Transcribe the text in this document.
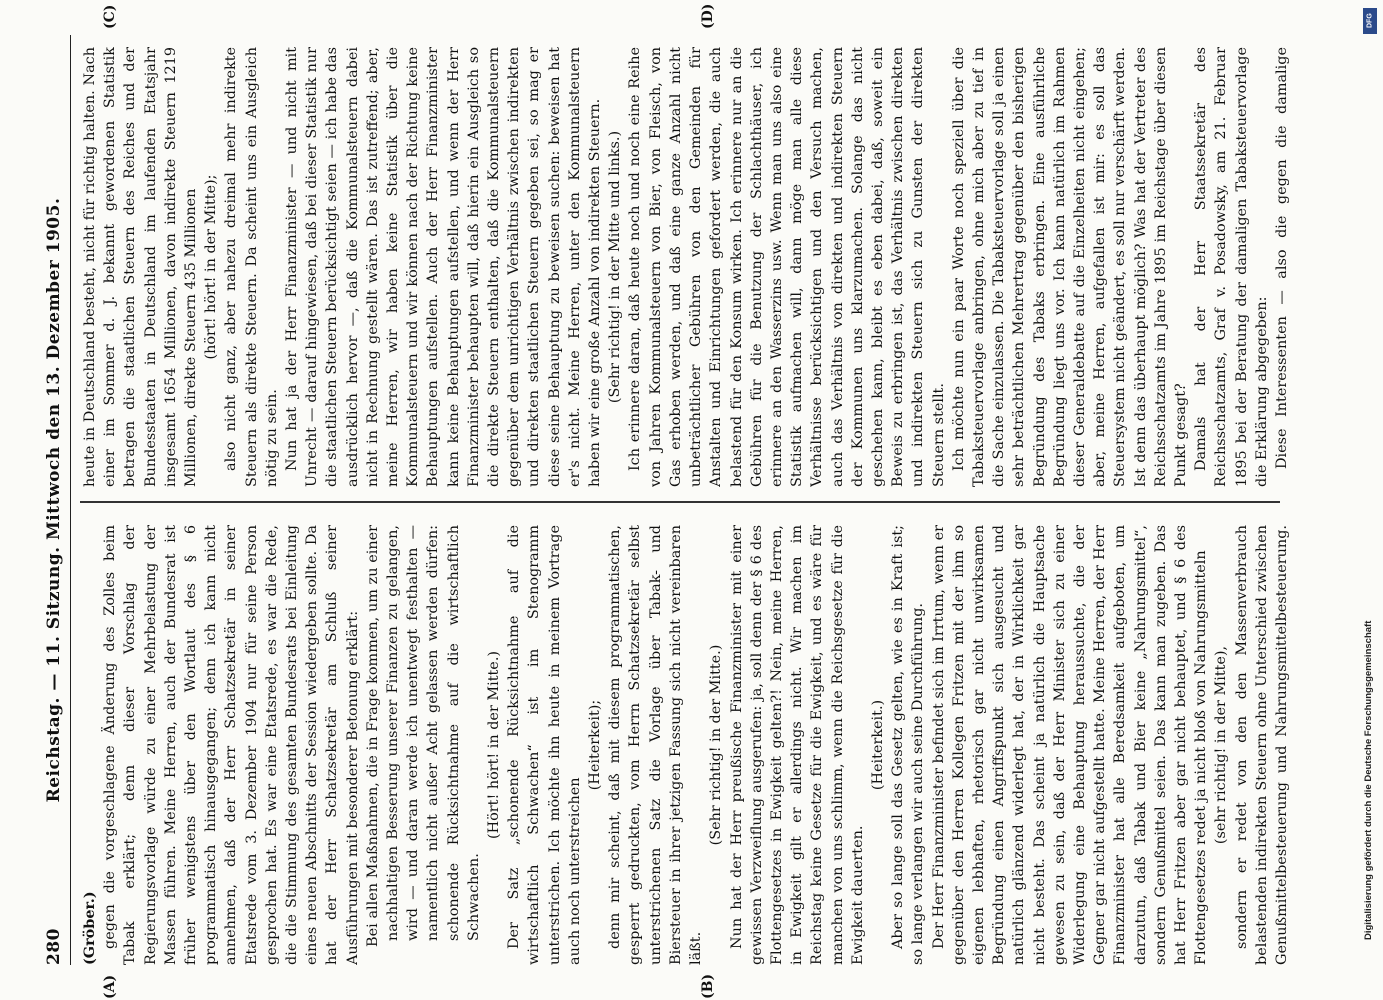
280
Reichstag. — 11. Sitzung. Mittwoch den 13. Dezember 1905.
(A)	(B)
(C)	(D)

(Gröber.) gegen die vorgeschlagene Änderung des Zolles beim Tabak erklärt; denn dieser Vorschlag der Regierungsvorlage würde zu einer Mehrbelastung der Massen führen. Meine Herren, auch der Bundesrat ist früher wenigstens über den Wortlaut des § 6 programmatisch hinausgegangen; denn ich kann nicht annehmen, daß der Herr Schatzsekretär in seiner Etatsrede vom 3. Dezember 1904 nur für seine Person gesprochen hat. Es war eine Etatsrede, es war die Rede, die die Stimmung des gesamten Bundesrats bei Einleitung eines neuen Abschnitts der Session wiedergeben sollte. Da hat der Herr Schatzsekretär am Schluß seiner Ausführungen mit besonderer Betonung erklärt: Bei allen Maßnahmen, die in Frage kommen, um zu einer nachhaltigen Besserung unserer Finanzen zu gelangen, wird — und daran werde ich unentwegt festhalten — namentlich nicht außer Acht gelassen werden dürfen: schonende Rücksichtnahme auf die wirtschaftlich Schwachen.

(Hört! hört! in der Mitte.) Der Satz „schonende Rücksichtnahme auf die wirtschaftlich Schwachen“ ist im Stenogramm unterstrichen. Ich möchte ihn heute in meinem Vortrage auch noch unterstreichen

(Heiterkeit); denn mir scheint, daß mit diesem programmatischen, gesperrt gedruckten, vom Herrn Schatzsekretär selbst unterstrichenen Satz die Vorlage über Tabak- und Biersteuer in ihrer jetzigen Fassung sich nicht vereinbaren läßt.

(Sehr richtig! in der Mitte.) Nun hat der Herr preußische Finanzminister mit einer gewissen Verzweiflung ausgerufen: ja, soll denn der § 6 des Flottengesetzes in Ewigkeit gelten?! Nein, meine Herren, in Ewigkeit gilt er allerdings nicht. Wir machen im Reichstag keine Gesetze für die Ewigkeit, und es wäre für manchen von uns schlimm, wenn die Reichsgesetze für die Ewigkeit dauerten.

(Heiterkeit.) Aber so lange soll das Gesetz gelten, wie es in Kraft ist; so lange verlangen wir auch seine Durchführung. Der Herr Finanzminister befindet sich im Irrtum, wenn er gegenüber den Herren Kollegen Fritzen mit der ihm so eigenen lebhaften, rhetorisch gar nicht unwirksamen Begründung einen Angriffspunkt sich ausgesucht und natürlich glänzend widerlegt hat, der in Wirklichkeit gar nicht besteht. Das scheint ja natürlich die Hauptsache gewesen zu sein, daß der Herr Minister sich zu einer Widerlegung eine Behauptung heraussuchte, die der Gegner gar nicht aufgestellt hatte. Meine Herren, der Herr Finanzminister hat alle Beredsamkeit aufgeboten, um darzutun, daß Tabak und Bier keine „Nahrungsmittel“, sondern Genußmittel seien. Das kann man zugeben. Das hat Herr Fritzen aber gar nicht behauptet, und § 6 des Flottengesetzes redet ja nicht bloß von Nahrungsmitteln (sehr richtig! in der Mitte),

sondern er redet von den den Massenverbrauch belastenden indirekten Steuern ohne Unterschied zwischen Genußmittelbesteuerung und Nahrungsmittelbesteuerung.

heute in Deutschland besteht, nicht für richtig halten. Nach einer im Sommer d. J. bekannt gewordenen Statistik betragen die staatlichen Steuern des Reiches und der Bundesstaaten in Deutschland im laufenden Etatsjahr insgesamt 1654 Millionen, davon indirekte Steuern 1219 Millionen, direkte Steuern 435 Millionen (hört! hört! in der Mitte); also nicht ganz, aber nahezu dreimal mehr indirekte Steuern als direkte Steuern. Da scheint uns ein Ausgleich nötig zu sein. Nun hat ja der Herr Finanzminister — und nicht mit Unrecht — darauf hingewiesen, daß bei dieser Statistik nur die staatlichen Steuern berücksichtigt seien — ich habe das ausdrücklich hervor —, daß die Kommunalsteuern dabei nicht in Rechnung gestellt wären. Das ist zutreffend; aber, meine Herren, wir haben keine Statistik über die Kommunalsteuern und wir können nach der Richtung keine Behauptungen aufstellen. Auch der Herr Finanzminister kann keine Behauptungen aufstellen, und wenn der Herr Finanzminister behaupten will, daß hierin ein Ausgleich so die direkte Steuern enthalten, daß die Kommunalsteuern gegenüber dem unrichtigen Verhältnis zwischen indirekten und direkten staatlichen Steuern gegeben sei, so mag er diese seine Behauptung zu beweisen suchen: beweisen hat er's nicht. Meine Herren, unter den Kommunalsteuern haben wir eine große Anzahl von indirekten Steuern. (Sehr richtig! in der Mitte und links.) Ich erinnere daran, daß heute noch und noch eine Reihe von Jahren Kommunalsteuern von Bier, von Fleisch, von Gas erhoben werden, und daß eine ganze Anzahl nicht unbeträchtlicher Gebühren von den Gemeinden für Anstalten und Einrichtungen gefordert werden, die auch belastend für den Konsum wirken. Ich erinnere nur an die Gebühren für die Benutzung der Schlachthäuser, ich erinnere an den Wasserzins usw. Wenn man uns also eine Statistik aufmachen will, dann möge man alle diese Verhältnisse berücksichtigen und den Versuch machen, auch das Verhältnis von direkten und indirekten Steuern der Kommunen uns klarzumachen. Solange das nicht geschehen kann, bleibt es eben dabei, daß, soweit ein Beweis zu erbringen ist, das Verhältnis zwischen direkten und indirekten Steuern sich zu Gunsten der direkten Steuern stellt. Ich möchte nun ein paar Worte noch speziell über die Tabaksteuervorlage anbringen, ohne mich aber zu tief in die Sache einzulassen. Die Tabaksteuervorlage soll ja einen sehr beträchtlichen Mehrertrag gegenüber den bisherigen Begründung des Tabaks erbringen. Eine ausführliche Begründung liegt uns vor. Ich kann natürlich im Rahmen dieser Generaldebatte auf die Einzelheiten nicht eingehen; aber, meine Herren, aufgefallen ist mir: es soll das Steuersystem nicht geändert, es soll nur verschärft werden. Ist denn das überhaupt möglich? Was hat der Vertreter des Reichsschatzamts im Jahre 1895 im Reichstage über diesen Punkt gesagt? Damals hat der Herr Staatssekretär des Reichsschatzamts, Graf v. Posadowsky, am 21. Februar 1895 bei der Beratung der damaligen Tabaksteuervorlage die Erklärung abgegeben: Diese Interessenten — also die gegen die damalige

DFG
Digitalisierung gefördert durch die Deutsche Forschungsgemeinschaft
